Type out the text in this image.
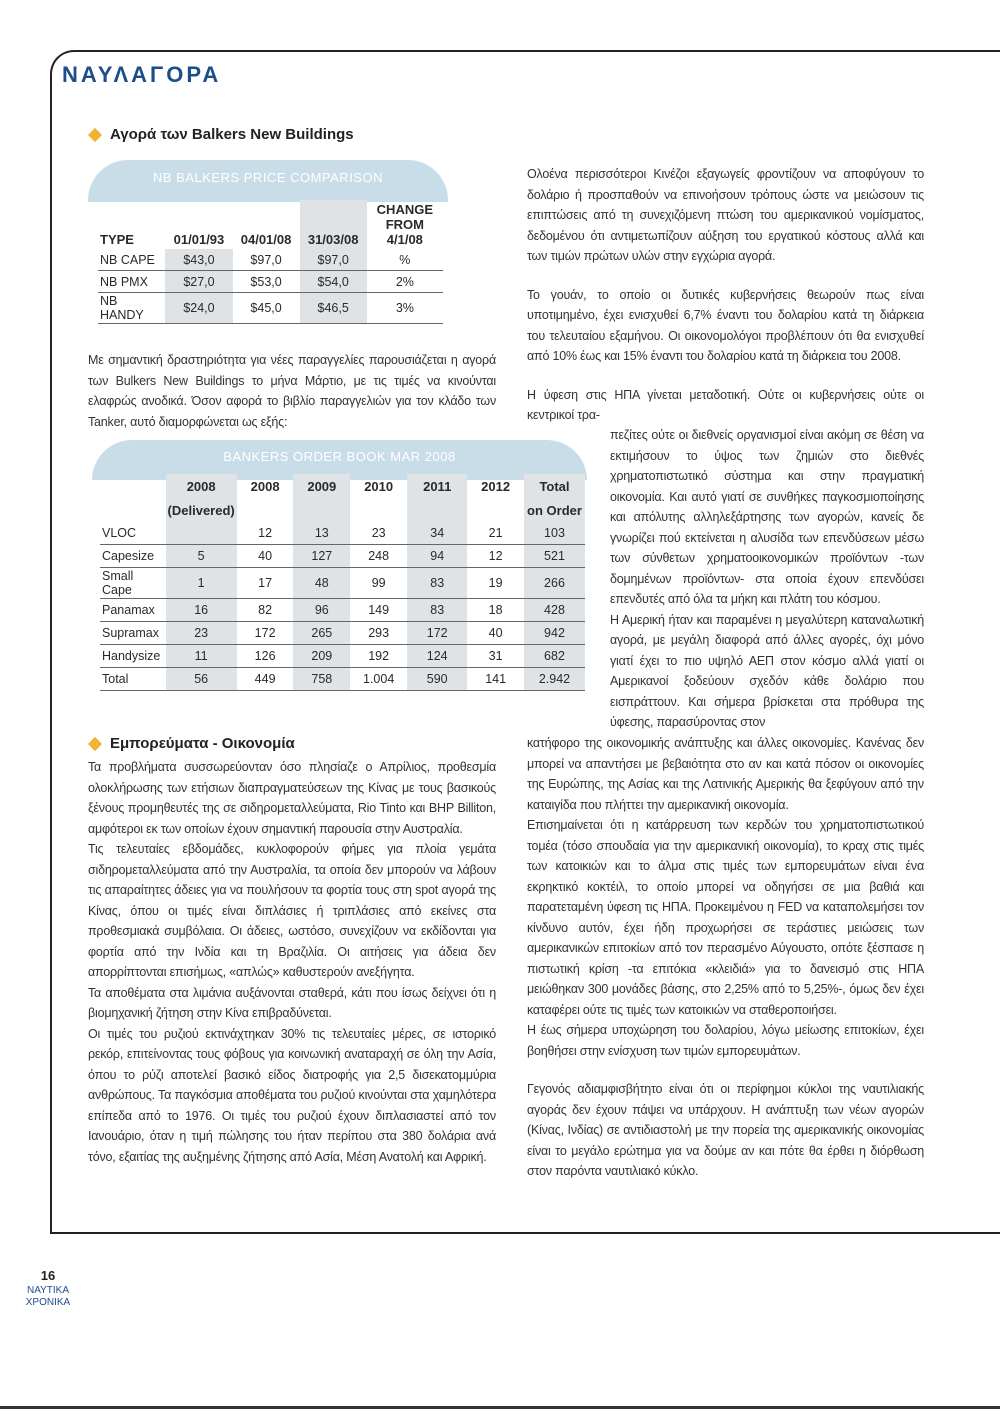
ΝΑΥΛΑΓΟΡΑ
Αγορά των Balkers New Buildings
NB BALKERS PRICE COMPARISON
TYPE	01/01/93	04/01/08	31/03/08	CHANGE FROM 4/1/08
NB CAPE	$43,0	$97,0	$97,0	%
NB PMX	$27,0	$53,0	$54,0	2%
NB HANDY	$24,0	$45,0	$46,5	3%

Με σημαντική δραστηριότητα για νέες παραγγελίες παρουσιάζεται η αγορά των Bulkers New Buildings το μήνα Μάρτιο, με τις τιμές να κινούνται ελαφρώς ανοδικά. Όσον αφορά το βιβλίο παραγγελιών για τον κλάδο των Tanker, αυτό διαμορφώνεται ως εξής:

BANKERS ORDER BOOK MAR 2008
	2008	2008	2009	2010	2011	2012	Total
	(Delivered)						on Order
VLOC		12	13	23	34	21	103
Capesize	5	40	127	248	94	12	521
Small Cape	1	17	48	99	83	19	266
Panamax	16	82	96	149	83	18	428
Supramax	23	172	265	293	172	40	942
Handysize	11	126	209	192	124	31	682
Total	56	449	758	1.004	590	141	2.942
Εμπορεύματα - Οικονομία

Τα προβλήματα συσσωρεύονταν όσο πλησίαζε ο Απρίλιος, προθεσμία ολοκλήρωσης των ετήσιων διαπραγματεύσεων της Κίνας με τους βασικούς ξένους προμηθευτές της σε σιδηρομεταλλεύματα, Rio Tinto και BHP Billiton, αμφότεροι εκ των οποίων έχουν σημαντική παρουσία στην Αυστραλία.

Τις τελευταίες εβδομάδες, κυκλοφορούν φήμες για πλοία γεμάτα σιδηρομεταλλεύματα από την Αυστραλία, τα οποία δεν μπορούν να λάβουν τις απαραίτητες άδειες για να πουλήσουν τα φορτία τους στη spot αγορά της Κίνας, όπου οι τιμές είναι διπλάσιες ή τριπλάσιες από εκείνες στα προθεσμιακά συμβόλαια. Οι άδειες, ωστόσο, συνεχίζουν να εκδίδονται για φορτία από την Ινδία και τη Βραζιλία. Οι αιτήσεις για άδεια δεν απορρίπτονται επισήμως, «απλώς» καθυστερούν ανεξήγητα.

Τα αποθέματα στα λιμάνια αυξάνονται σταθερά, κάτι που ίσως δείχνει ότι η βιομηχανική ζήτηση στην Κίνα επιβραδύνεται.

Οι τιμές του ρυζιού εκτινάχτηκαν 30% τις τελευταίες μέρες, σε ιστορικό ρεκόρ, επιτείνοντας τους φόβους για κοινωνική αναταραχή σε όλη την Ασία, όπου το ρύζι αποτελεί βασικό είδος διατροφής για 2,5 δισεκατομμύρια ανθρώπους. Τα παγκόσμια αποθέματα του ρυζιού κινούνται στα χαμηλότερα επίπεδα από το 1976. Οι τιμές του ρυζιού έχουν διπλασιαστεί από τον Ιανουάριο, όταν η τιμή πώλησης του ήταν περίπου στα 380 δολάρια ανά τόνο, εξαιτίας της αυξημένης ζήτησης από Ασία, Μέση Ανατολή και Αφρική.

Ολοένα περισσότεροι Κινέζοι εξαγωγείς φροντίζουν να αποφύγουν το δολάριο ή προσπαθούν να επινοήσουν τρόπους ώστε να μειώσουν τις επιπτώσεις από τη συνεχιζόμενη πτώση του αμερικανικού νομίσματος, δεδομένου ότι αντιμετωπίζουν αύξηση του εργατικού κόστους αλλά και των τιμών πρώτων υλών στην εγχώρια αγορά.

Το γουάν, το οποίο οι δυτικές κυβερνήσεις θεωρούν πως είναι υποτιμημένο, έχει ενισχυθεί 6,7% έναντι του δολαρίου κατά τη διάρκεια του τελευταίου εξαμήνου. Οι οικονομολόγοι προβλέπουν ότι θα ενισχυθεί από 10% έως και 15% έναντι του δολαρίου κατά τη διάρκεια του 2008.

Η ύφεση στις ΗΠΑ γίνεται μεταδοτική. Ούτε οι κυβερνήσεις ούτε οι κεντρικοί τρα-

πεζίτες ούτε οι διεθνείς οργανισμοί είναι ακόμη σε θέση να εκτιμήσουν το ύψος των ζημιών στο διεθνές χρηματοπιστωτικό σύστημα και στην πραγματική οικονομία. Και αυτό γιατί σε συνθήκες παγκοσμιοποίησης και απόλυτης αλληλεξάρτησης των αγορών, κανείς δε γνωρίζει πού εκτείνεται η αλυσίδα των επενδύσεων μέσω των σύνθετων χρηματοοικονομικών προϊόντων -των δομημένων προϊόντων- στα οποία έχουν επενδύσει επενδυτές από όλα τα μήκη και πλάτη του κόσμου.

Η Αμερική ήταν και παραμένει η μεγαλύτερη καταναλωτική αγορά, με μεγάλη διαφορά από άλλες αγορές, όχι μόνο γιατί έχει το πιο υψηλό ΑΕΠ στον κόσμο αλλά γιατί οι Αμερικανοί ξοδεύουν σχεδόν κάθε δολάριο που εισπράττουν. Και σήμερα βρίσκεται στα πρόθυρα της ύφεσης, παρασύροντας στον

κατήφορο της οικονομικής ανάπτυξης και άλλες οικονομίες. Κανένας δεν μπορεί να απαντήσει με βεβαιότητα στο αν και κατά πόσον οι οικονομίες της Ευρώπης, της Ασίας και της Λατινικής Αμερικής θα ξεφύγουν από την καταιγίδα που πλήττει την αμερικανική οικονομία.

Επισημαίνεται ότι η κατάρρευση των κερδών του χρηματοπιστωτικού τομέα (τόσο σπουδαία για την αμερικανική οικονομία), το κραχ στις τιμές των κατοικιών και το άλμα στις τιμές των εμπορευμάτων είναι ένα εκρηκτικό κοκτέιλ, το οποίο μπορεί να οδηγήσει σε μια βαθιά και παρατεταμένη ύφεση τις ΗΠΑ. Προκειμένου η FED να καταπολεμήσει τον κίνδυνο αυτόν, έχει ήδη προχωρήσει σε τεράστιες μειώσεις των αμερικανικών επιτοκίων από τον περασμένο Αύγουστο, οπότε ξέσπασε η πιστωτική κρίση -τα επιτόκια «κλειδιά» για το δανεισμό στις ΗΠΑ μειώθηκαν 300 μονάδες βάσης, στο 2,25% από το 5,25%-, όμως δεν έχει καταφέρει ούτε τις τιμές των κατοικιών να σταθεροποιήσει.

Η έως σήμερα υποχώρηση του δολαρίου, λόγω μείωσης επιτοκίων, έχει βοηθήσει στην ενίσχυση των τιμών εμπορευμάτων.

Γεγονός αδιαμφισβήτητο είναι ότι οι περίφημοι κύκλοι της ναυτιλιακής αγοράς δεν έχουν πάψει να υπάρχουν. Η ανάπτυξη των νέων αγορών (Κίνας, Ινδίας) σε αντιδιαστολή με την πορεία της αμερικανικής οικονομίας είναι το μεγάλο ερώτημα για να δούμε αν και πότε θα έρθει η διόρθωση στον παρόντα ναυτιλιακό κύκλο.

16
ΝΑΥΤΙΚΑ
ΧΡΟΝΙΚΑ
